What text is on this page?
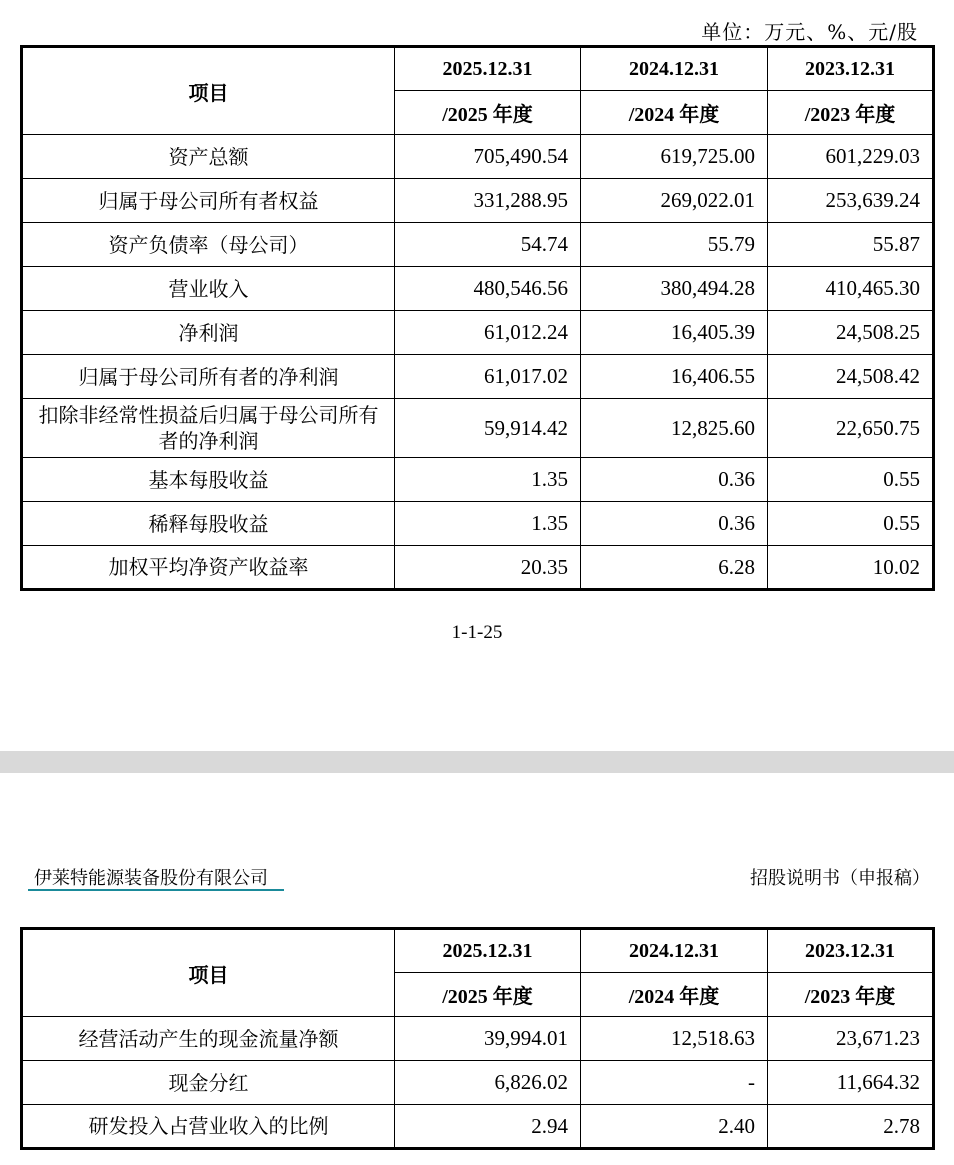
单位：万元、%、元/股
项目	2025.12.31	2024.12.31	2023.12.31
	/2025 年度	/2024 年度	/2023 年度
资产总额	705,490.54	619,725.00	601,229.03
归属于母公司所有者权益	331,288.95	269,022.01	253,639.24
资产负债率（母公司）	54.74	55.79	55.87
营业收入	480,546.56	380,494.28	410,465.30
净利润	61,012.24	16,405.39	24,508.25
归属于母公司所有者的净利润	61,017.02	16,406.55	24,508.42
扣除非经常性损益后归属于母公司所有者的净利润	59,914.42	12,825.60	22,650.75
基本每股收益	1.35	0.36	0.55
稀释每股收益	1.35	0.36	0.55
加权平均净资产收益率	20.35	6.28	10.02
1-1-25
伊莱特能源装备股份有限公司	招股说明书（申报稿）
项目	2025.12.31	2024.12.31	2023.12.31
	/2025 年度	/2024 年度	/2023 年度
经营活动产生的现金流量净额	39,994.01	12,518.63	23,671.23
现金分红	6,826.02	-	11,664.32
研发投入占营业收入的比例	2.94	2.40	2.78
